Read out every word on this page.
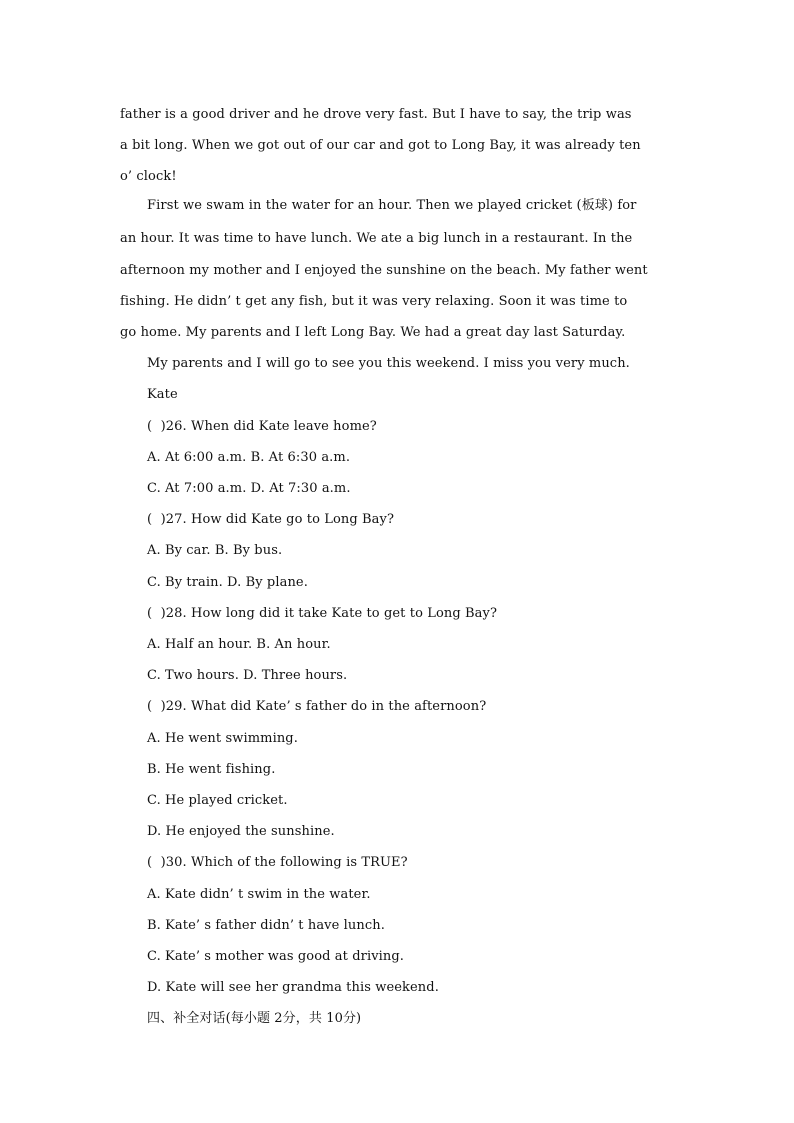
father is a good driver and he drove very fast. But I have to say, the trip was
a bit long. When we got out of our car and got to Long Bay, it was already ten
o’ clock!
First we swam in the water for an hour. Then we played cricket (板球) for
an hour. It was time to have lunch. We ate a big lunch in a restaurant. In the
afternoon my mother and I enjoyed the sunshine on the beach. My father went
fishing. He didn’ t get any fish, but it was very relaxing. Soon it was time to
go home. My parents and I left Long Bay. We had a great day last Saturday.
My parents and I will go to see you this weekend. I miss you very much.
Kate
(  )26. When did Kate leave home?
A. At 6:00 a.m. B. At 6:30 a.m.
C. At 7:00 a.m. D. At 7:30 a.m.
(  )27. How did Kate go to Long Bay?
A. By car. B. By bus.
C. By train. D. By plane.
(  )28. How long did it take Kate to get to Long Bay?
A. Half an hour. B. An hour.
C. Two hours. D. Three hours.
(  )29. What did Kate’ s father do in the afternoon?
A. He went swimming.
B. He went fishing.
C. He played cricket.
D. He enjoyed the sunshine.
(  )30. Which of the following is TRUE?
A. Kate didn’ t swim in the water.
B. Kate’ s father didn’ t have lunch.
C. Kate’ s mother was good at driving.
D. Kate will see her grandma this weekend.
四、补全对话(每小题 2分，共 10分)
